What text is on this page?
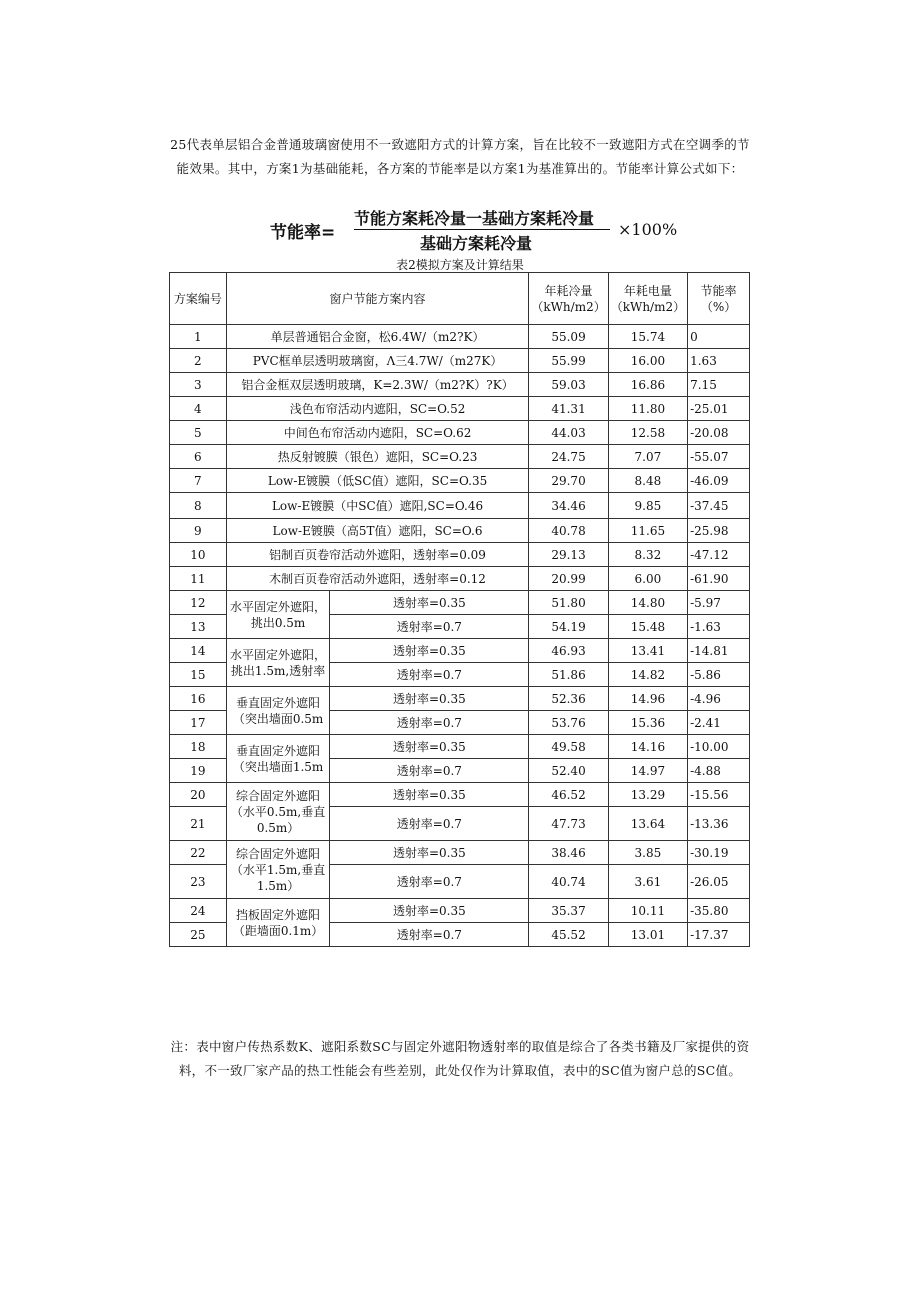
25代表单层铝合金普通玻璃窗使用不一致遮阳方式的计算方案，旨在比较不一致遮阳方式在空调季的节能效果。其中，方案1为基础能耗，各方案的节能率是以方案1为基准算出的。节能率计算公式如下：

节能率=
节能方案耗冷量一基础方案耗冷量
基础方案耗冷量
×100%
表2模拟方案及计算结果
方案编号	窗户节能方案内容		年耗冷量（kWh/m2）	年耗电量（kWh/m2）	节能率（%）
1	单层普通铝合金窗，松6.4W/（m2?K）		55.09	15.74	0
2	PVC框单层透明玻璃窗，Λ三4.7W/（m27K）		55.99	16.00	1.63
3	铝合金框双层透明玻璃，K=2.3W/（m2?K）?K）		59.03	16.86	7.15
4	浅色布帘活动内遮阳，SC=O.52		41.31	11.80	-25.01
5	中间色布帘活动内遮阳，SC=O.62		44.03	12.58	-20.08
6	热反射镀膜（银色）遮阳，SC=O.23		24.75	7.07	-55.07
7	Low-E镀膜（低SC值）遮阳，SC=O.35		29.70	8.48	-46.09
8	Low-E镀膜（中SC值）遮阳,SC=O.46		34.46	9.85	-37.45
9	Low-E镀膜（高5T值）遮阳，SC=O.6		40.78	11.65	-25.98
10	铝制百页卷帘活动外遮阳，透射率=0.09		29.13	8.32	-47.12
11	木制百页卷帘活动外遮阳，透射率=0.12		20.99	6.00	-61.90
12	水平固定外遮阳，挑出0.5m	透射率=0.35	51.80	14.80	-5.97
13		透射率=0.7	54.19	15.48	-1.63
14	水平固定外遮阳，挑出1.5m,透射率	透射率=0.35	46.93	13.41	-14.81
15		透射率=0.7	51.86	14.82	-5.86
16	垂直固定外遮阳（突出墙面0.5m	透射率=0.35	52.36	14.96	-4.96
17		透射率=0.7	53.76	15.36	-2.41
18	垂直固定外遮阳（突出墙面1.5m	透射率=0.35	49.58	14.16	-10.00
19		透射率=0.7	52.40	14.97	-4.88
20	综合固定外遮阳（水平0.5m,垂直0.5m）	透射率=0.35	46.52	13.29	-15.56
21		透射率=0.7	47.73	13.64	-13.36
22	综合固定外遮阳（水平1.5m,垂直1.5m）	透射率=0.35	38.46	3.85	-30.19
23		透射率=0.7	40.74	3.61	-26.05
24	挡板固定外遮阳（距墙面0.1m）	透射率=0.35	35.37	10.11	-35.80
25		透射率=0.7	45.52	13.01	-17.37

注：表中窗户传热系数K、遮阳系数SC与固定外遮阳物透射率的取值是综合了各类书籍及厂家提供的资料，不一致厂家产品的热工性能会有些差别，此处仅作为计算取值，表中的SC值为窗户总的SC值。
